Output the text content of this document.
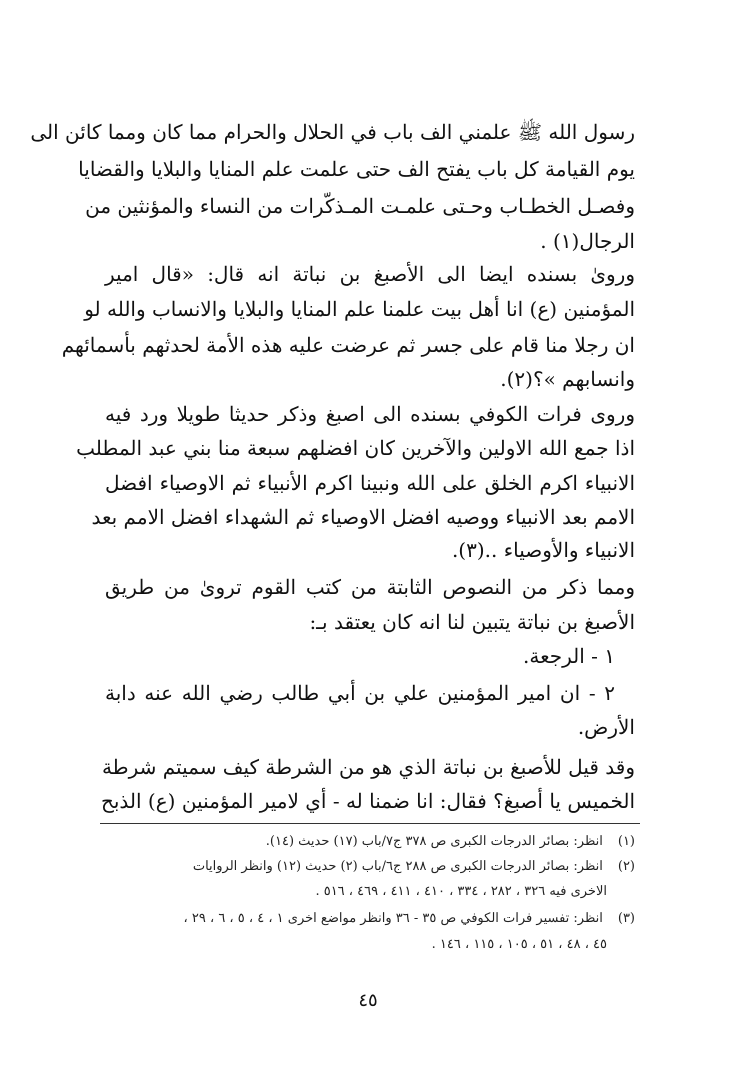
رسول الله ﷺ علمني الف باب في الحلال والحرام مما كان ومما كائن الى
يوم القيامة كل باب يفتح الف حتى علمت علم المنايا والبلايا والقضايا
وفصـل الخطـاب وحـتى علمـت المـذكّرات من النساء والمؤنثين من
الرجال(١) .
ورویٰ بسنده ايضا الى الأصبغ بن نباتة انه قال: «قال امير
المؤمنين (ع) انا أهل بيت علمنا علم المنايا والبلايا والانساب والله لو
ان رجلا منا قام على جسر ثم عرضت عليه هذه الأمة لحدثهم بأسمائهم
وانسابهم »؟(٢).
وروى فرات الكوفي بسنده الى اصبغ وذكر حديثا طويلا ورد فيه
اذا جمع الله الاولين والآخرين كان افضلهم سبعة منا بني عبد المطلب
الانبياء اكرم الخلق على الله ونبينا اكرم الأنبياء ثم الاوصياء افضل
الامم بعد الانبياء ووصيه افضل الاوصياء ثم الشهداء افضل الامم بعد
الانبياء والأوصياء ..(٣).
ومما ذكر من النصوص الثابتة من كتب القوم ترویٰ من طريق
الأصبغ بن نباتة يتبين لنا انه كان يعتقد بـ:
١ - الرجعة.
٢ - ان امير المؤمنين علي بن أبي طالب رضي الله عنه دابة
الأرض.
وقد قيل للأصبغ بن نباتة الذي هو من الشرطة كيف سميتم شرطة
الخميس يا أصبغ؟ فقال: انا ضمنا له - أي لامير المؤمنين (ع) الذبح
(١) انظر: بصائر الدرجات الكبرى ص ٣٧٨ ج٧/باب (١٧) حديث (١٤).
(٢) انظر: بصائر الدرجات الكبرى ص ٢٨٨ ج٦/باب (٢) حديث (١٢) وانظر الروايات
الاخرى فيه ٣٢٦ ، ٢٨٢ ، ٣٣٤ ، ٤١٠ ، ٤١١ ، ٤٦٩ ، ٥١٦ .
(٣) انظر: تفسير فرات الكوفي ص ٣٥ - ٣٦ وانظر مواضع اخرى ١ ، ٤ ، ٥ ، ٦ ، ٢٩ ،
٤٥ ، ٤٨ ، ٥١ ، ١٠٥ ، ١١٥ ، ١٤٦ .
٤٥
